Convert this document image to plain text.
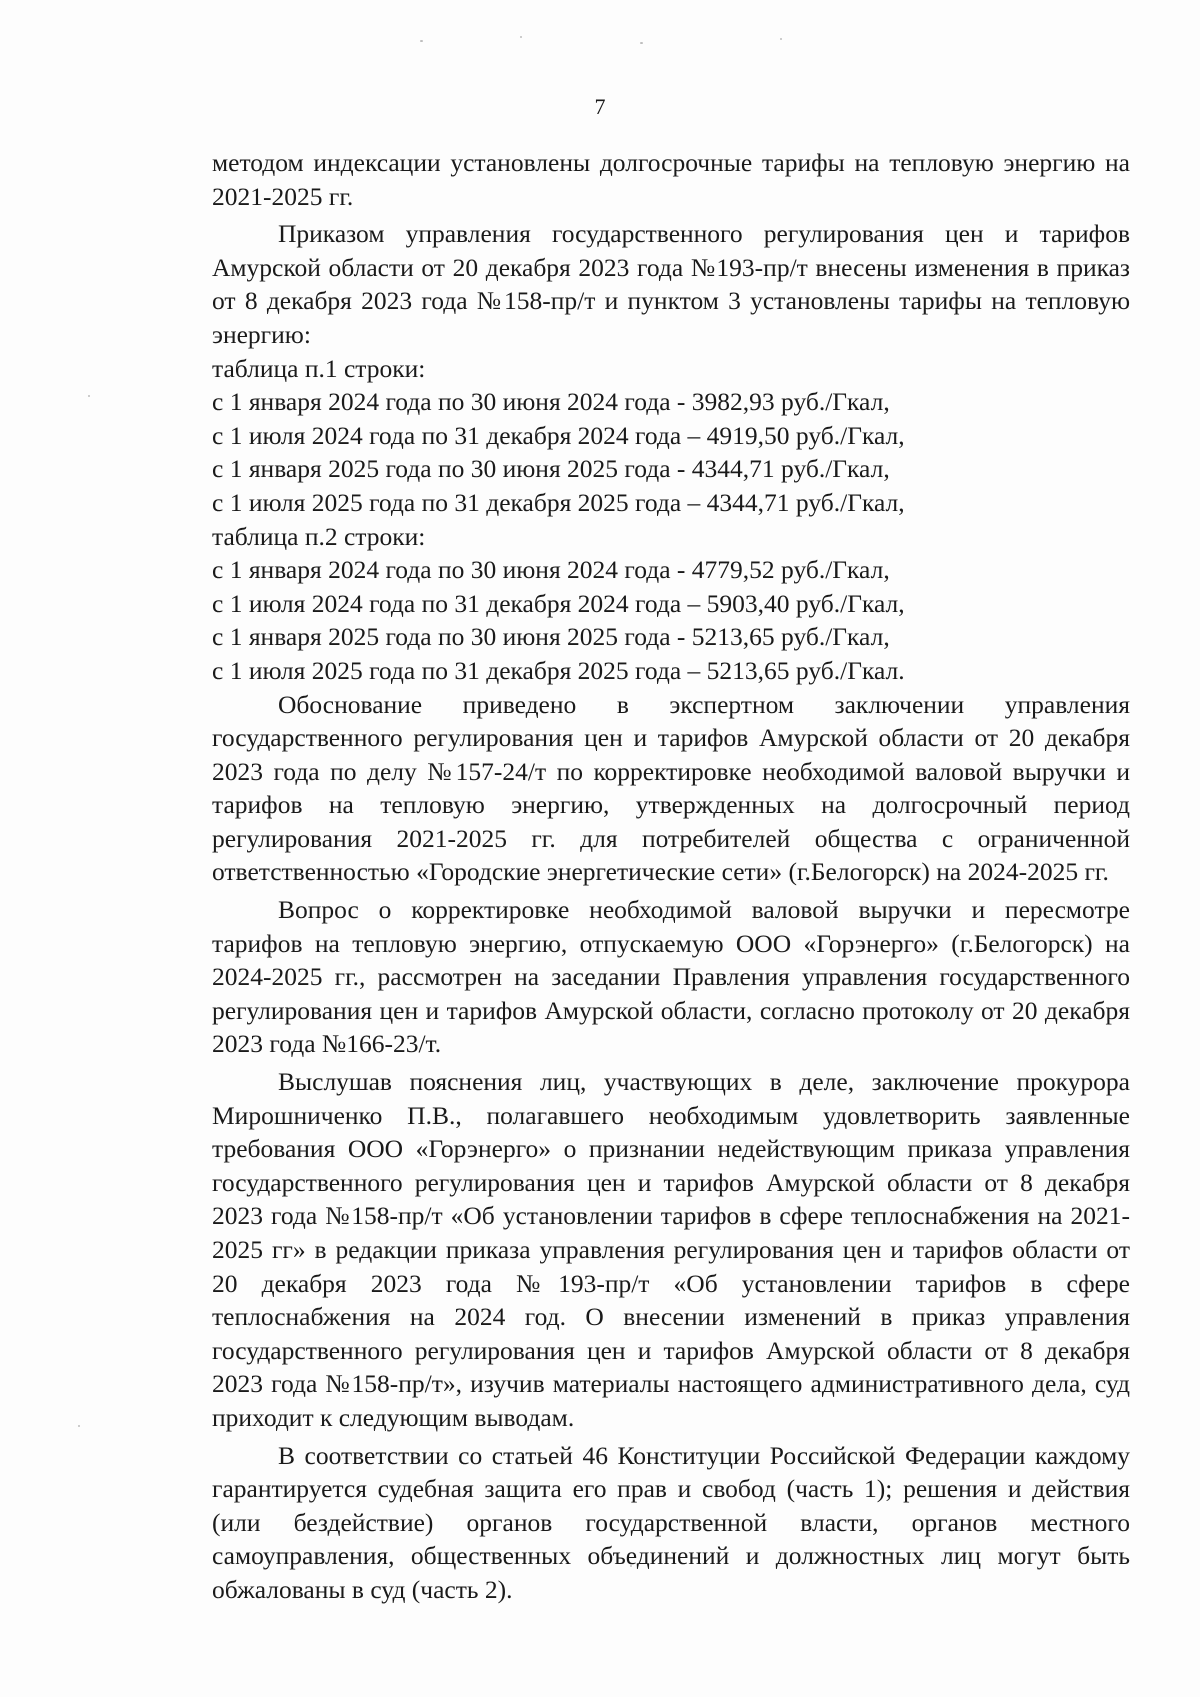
7

методом индексации установлены долгосрочные тарифы на тепловую энергию на 2021-2025 гг.

Приказом управления государственного регулирования цен и тарифов Амурской области от 20 декабря 2023 года №193-пр/т внесены изменения в приказ от 8 декабря 2023 года №158-пр/т и пунктом 3 установлены тарифы на тепловую энергию:

таблица п.1 строки:

с 1 января 2024 года по 30 июня 2024 года - 3982,93 руб./Гкал,

с 1 июля 2024 года по 31 декабря 2024 года – 4919,50 руб./Гкал,

с 1 января 2025 года по 30 июня 2025 года - 4344,71 руб./Гкал,

с 1 июля 2025 года по 31 декабря 2025 года – 4344,71 руб./Гкал,

таблица п.2 строки:

с 1 января 2024 года по 30 июня 2024 года - 4779,52 руб./Гкал,

с 1 июля 2024 года по 31 декабря 2024 года – 5903,40 руб./Гкал,

с 1 января 2025 года по 30 июня 2025 года - 5213,65 руб./Гкал,

с 1 июля 2025 года по 31 декабря 2025 года – 5213,65 руб./Гкал.

Обоснование приведено в экспертном заключении управления государственного регулирования цен и тарифов Амурской области от 20 декабря 2023 года по делу №157-24/т по корректировке необходимой валовой выручки и тарифов на тепловую энергию, утвержденных на долгосрочный период регулирования 2021-2025 гг. для потребителей общества с ограниченной ответственностью «Городские энергетические сети» (г.Белогорск) на 2024-2025 гг.

Вопрос о корректировке необходимой валовой выручки и пересмотре тарифов на тепловую энергию, отпускаемую ООО «Горэнерго» (г.Белогорск) на 2024-2025 гг., рассмотрен на заседании Правления управления государственного регулирования цен и тарифов Амурской области, согласно протоколу от 20 декабря 2023 года №166-23/т.

Выслушав пояснения лиц, участвующих в деле, заключение прокурора Мирошниченко П.В., полагавшего необходимым удовлетворить заявленные требования ООО «Горэнерго» о признании недействующим приказа управления государственного регулирования цен и тарифов Амурской области от 8 декабря 2023 года №158-пр/т «Об установлении тарифов в сфере теплоснабжения на 2021-2025 гг» в редакции приказа управления регулирования цен и тарифов области от 20 декабря 2023 года №193-пр/т «Об установлении тарифов в сфере теплоснабжения на 2024 год. О внесении изменений в приказ управления государственного регулирования цен и тарифов Амурской области от 8 декабря 2023 года №158-пр/т», изучив материалы настоящего административного дела, суд приходит к следующим выводам.

В соответствии со статьей 46 Конституции Российской Федерации каждому гарантируется судебная защита его прав и свобод (часть 1); решения и действия (или бездействие) органов государственной власти, органов местного самоуправления, общественных объединений и должностных лиц могут быть обжалованы в суд (часть 2).
